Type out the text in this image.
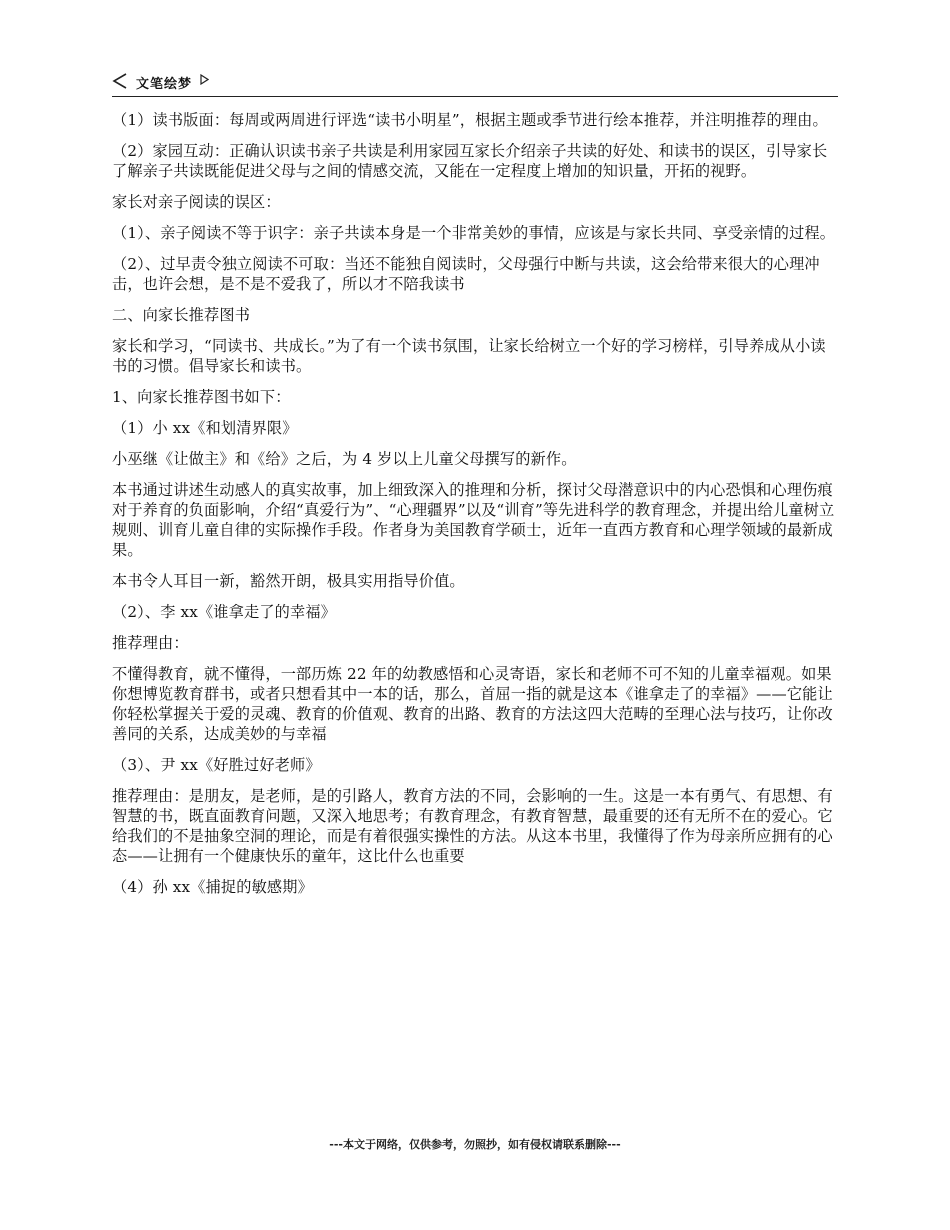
文笔绘梦

（1）读书版面：每周或两周进行评选“读书小明星”，根据主题或季节进行绘本推荐，并注明推荐的理由。

（2）家园互动：正确认识读书亲子共读是利用家园互家长介绍亲子共读的好处、和读书的误区，引导家长了解亲子共读既能促进父母与之间的情感交流，又能在一定程度上增加的知识量，开拓的视野。

家长对亲子阅读的误区：

（1）、亲子阅读不等于识字：亲子共读本身是一个非常美妙的事情，应该是与家长共同、享受亲情的过程。

（2）、过早责令独立阅读不可取：当还不能独自阅读时，父母强行中断与共读，这会给带来很大的心理冲击，也许会想，是不是不爱我了，所以才不陪我读书

二、向家长推荐图书

家长和学习，“同读书、共成长。”为了有一个读书氛围，让家长给树立一个好的学习榜样，引导养成从小读书的习惯。倡导家长和读书。

1、向家长推荐图书如下：

（1）小 xx《和划清界限》

小巫继《让做主》和《给》之后，为 4 岁以上儿童父母撰写的新作。

本书通过讲述生动感人的真实故事，加上细致深入的推理和分析，探讨父母潜意识中的内心恐惧和心理伤痕对于养育的负面影响，介绍“真爱行为”、“心理疆界”以及“训育”等先进科学的教育理念，并提出给儿童树立规则、训育儿童自律的实际操作手段。作者身为美国教育学硕士，近年一直西方教育和心理学领域的最新成果。

本书令人耳目一新，豁然开朗，极具实用指导价值。

（2）、李 xx《谁拿走了的幸福》

推荐理由：

不懂得教育，就不懂得，一部历炼 22 年的幼教感悟和心灵寄语，家长和老师不可不知的儿童幸福观。如果你想博览教育群书，或者只想看其中一本的话，那么，首屈一指的就是这本《谁拿走了的幸福》——它能让你轻松掌握关于爱的灵魂、教育的价值观、教育的出路、教育的方法这四大范畴的至理心法与技巧，让你改善同的关系，达成美妙的与幸福

（3）、尹 xx《好胜过好老师》

推荐理由：是朋友，是老师，是的引路人，教育方法的不同，会影响的一生。这是一本有勇气、有思想、有智慧的书，既直面教育问题，又深入地思考；有教育理念，有教育智慧，最重要的还有无所不在的爱心。它给我们的不是抽象空洞的理论，而是有着很强实操性的方法。从这本书里，我懂得了作为母亲所应拥有的心态——让拥有一个健康快乐的童年，这比什么也重要

（4）孙 xx《捕捉的敏感期》

---本文于网络，仅供参考，勿照抄，如有侵权请联系删除---
